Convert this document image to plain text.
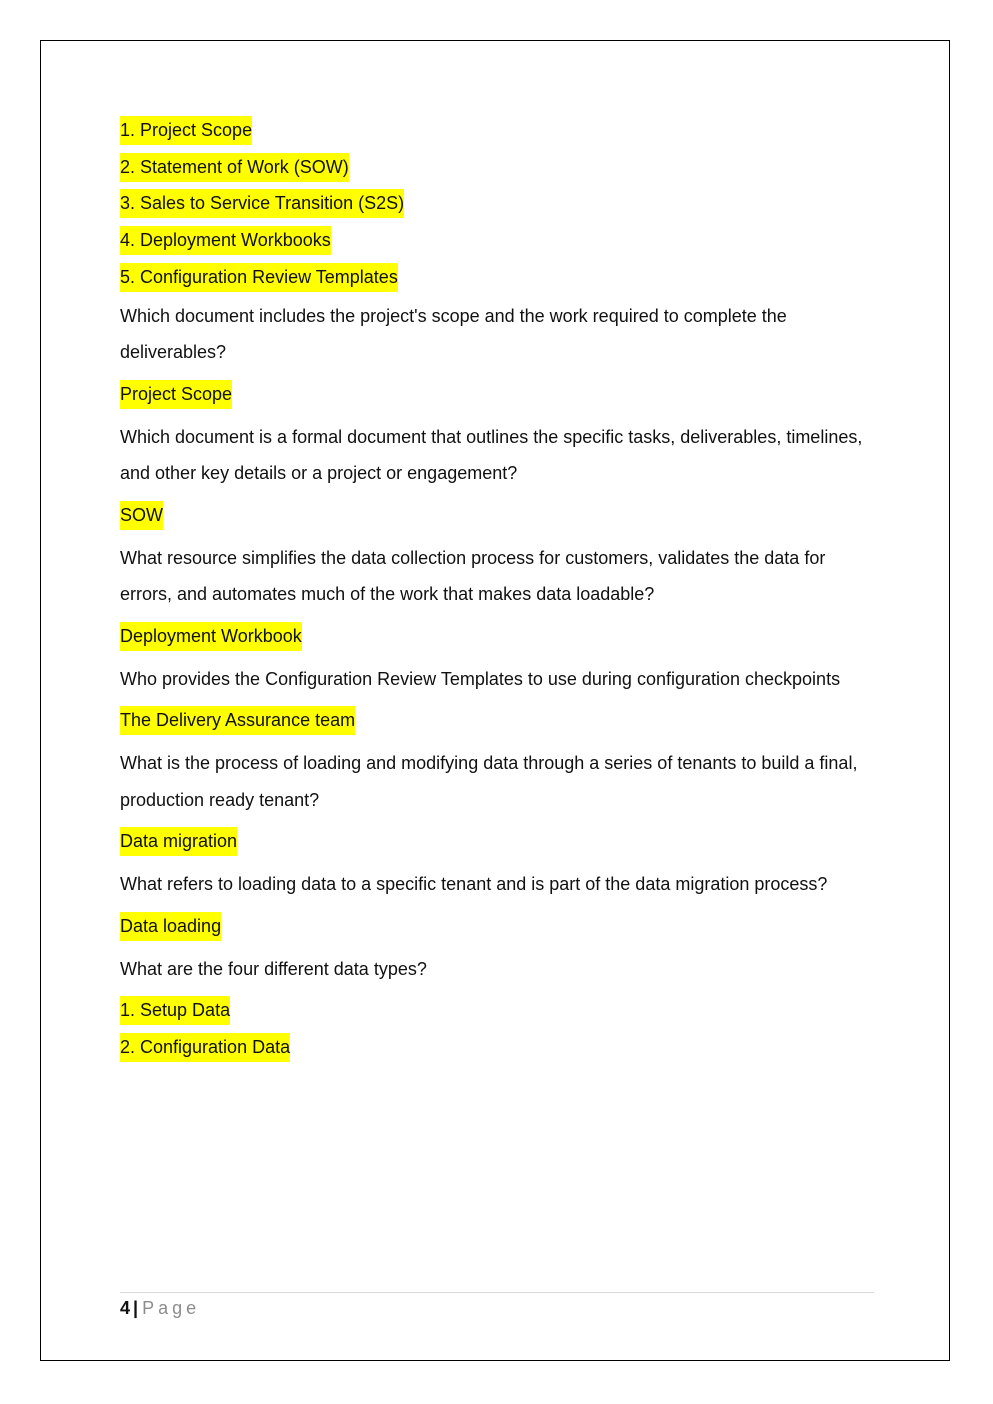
1. Project Scope
2. Statement of Work (SOW)
3. Sales to Service Transition (S2S)
4. Deployment Workbooks
5. Configuration Review Templates

Which document includes the project's scope and the work required to complete the deliverables?

Project Scope

Which document is a formal document that outlines the specific tasks, deliverables, timelines, and other key details or a project or engagement?

SOW

What resource simplifies the data collection process for customers, validates the data for errors, and automates much of the work that makes data loadable?

Deployment Workbook

Who provides the Configuration Review Templates to use during configuration checkpoints

The Delivery Assurance team

What is the process of loading and modifying data through a series of tenants to build a final, production ready tenant?

Data migration

What refers to loading data to a specific tenant and is part of the data migration process?

Data loading

What are the four different data types?

1. Setup Data
2. Configuration Data
4 | Page
